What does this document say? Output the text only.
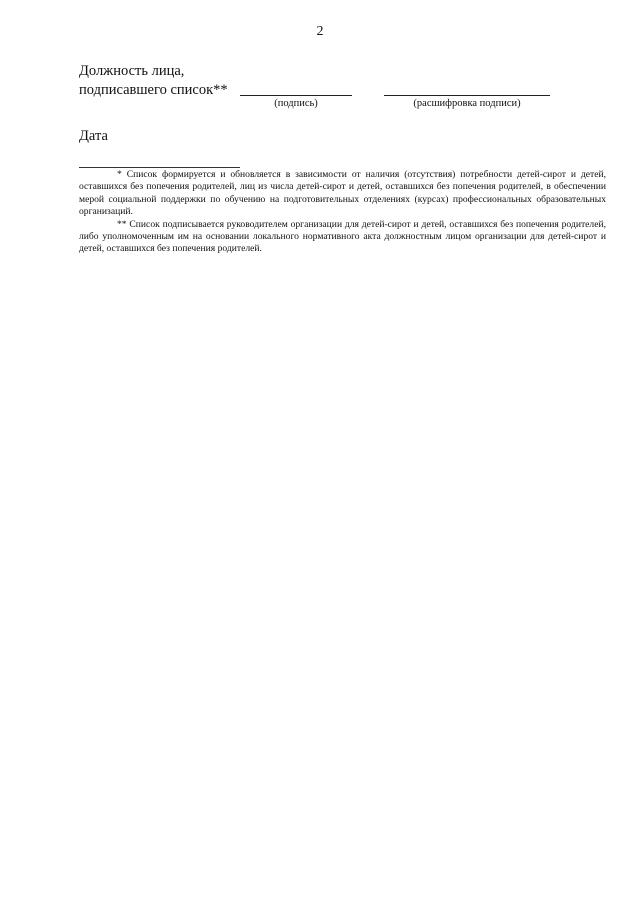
2
Должность лица,
подписавшего список**
(подпись)	(расшифровка подписи)
Дата

* Список формируется и обновляется в зависимости от наличия (отсутствия) потребности детей-сирот и детей, оставшихся без попечения родителей, лиц из числа детей-сирот и детей, оставшихся без попечения родителей, в обеспечении мерой социальной поддержки по обучению на подготовительных отделениях (курсах) профессиональных образовательных организаций.

** Список подписывается руководителем организации для детей-сирот и детей, оставшихся без попечения родителей, либо уполномоченным им на основании локального нормативного акта должностным лицом организации для детей-сирот и детей, оставшихся без попечения родителей.
